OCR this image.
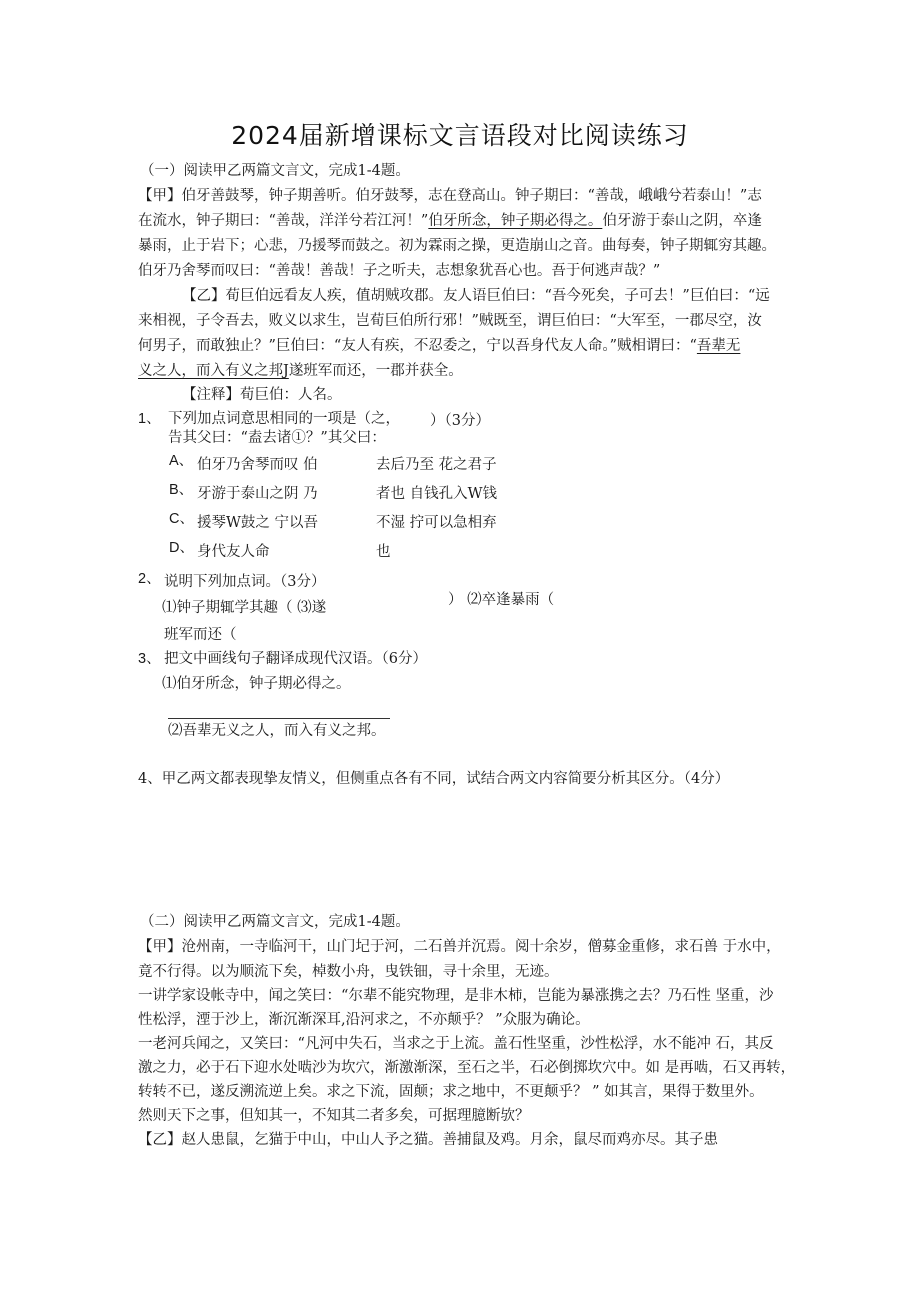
2024届新增课标文言语段对比阅读练习
（一）阅读甲乙两篇文言文，完成1-4题。
【甲】伯牙善鼓琴，钟子期善听。伯牙鼓琴，志在登高山。钟子期曰：“善哉，峨峨兮若泰山！”志
在流水，钟子期曰：“善哉，洋洋兮若江河！”伯牙所念，钟子期必得之。伯牙游于泰山之阴，卒逢
暴雨，止于岩下；心悲，乃援琴而鼓之。初为霖雨之操，更造崩山之音。曲每奏，钟子期辄穷其趣。
伯牙乃舍琴而叹曰：“善哉！善哉！子之听夫，志想象犹吾心也。吾于何逃声哉？”
【乙】荀巨伯远看友人疾，值胡贼攻郡。友人语巨伯曰：“吾今死矣，子可去！”巨伯曰：“远
来相视，子令吾去，败义以求生，岂荀巨伯所行邪！”贼既至，谓巨伯曰：“大军至，一郡尽空，汝
何男子，而敢独止？”巨伯曰：“友人有疾，不忍委之，宁以吾身代友人命。”贼相谓曰：“吾辈无
义之人，而入有义之邦J遂班军而还，一郡并获全。
【注释】荀巨伯：人名。
1、 下列加点词意思相同的一项是（之， ）（3分）
告其父曰：“盍去诸①？”其父曰：
A、 伯牙乃舍琴而叹 伯	去后乃至 花之君子
B、 牙游于泰山之阴 乃	者也 自钱孔入W钱
C、 援琴W鼓之 宁以吾	不湿 拧可以急相弃
D、 身代友人命	也
2、 说明下列加点词。（3分）
⑴钟子期辄学其趣（ ⑶遂	） ⑵卒逢暴雨（
班军而还（
3、 把文中画线句子翻译成现代汉语。（6分）
⑴伯牙所念，钟子期必得之。
⑵吾辈无义之人，而入有义之邦。
4、甲乙两文都表现挚友情义，但侧重点各有不同，试结合两文内容简要分析其区分。（4分）
（二）阅读甲乙两篇文言文，完成1-4题。
【甲】沧州南，一寺临河干，山门圮于河，二石兽并沉焉。阅十余岁，僧募金重修，求石兽 于水中，
竟不行得。以为顺流下矣，棹数小舟，曳铁钿，寻十余里，无迹。
一讲学家设帐寺中，闻之笑曰：“尔辈不能究物理，是非木柿，岂能为暴涨携之去？乃石性 坚重，沙
性松浮，湮于沙上，渐沉渐深耳,沿河求之，不亦颠乎？ ”众服为确论。
一老河兵闻之，又笑曰：“凡河中失石，当求之于上流。盖石性坚重，沙性松浮，水不能冲 石，其反
激之力，必于石下迎水处啮沙为坎穴，渐激渐深，至石之半，石必倒掷坎穴中。如 是再啮，石又再转，
转转不已，遂反溯流逆上矣。求之下流，固颠；求之地中，不更颠乎？ ” 如其言，果得于数里外。
然则天下之事，但知其一，不知其二者多矣，可据理臆断欤？
【乙】赵人患鼠，乞猫于中山，中山人予之猫。善捕鼠及鸡。月余，鼠尽而鸡亦尽。其子患
